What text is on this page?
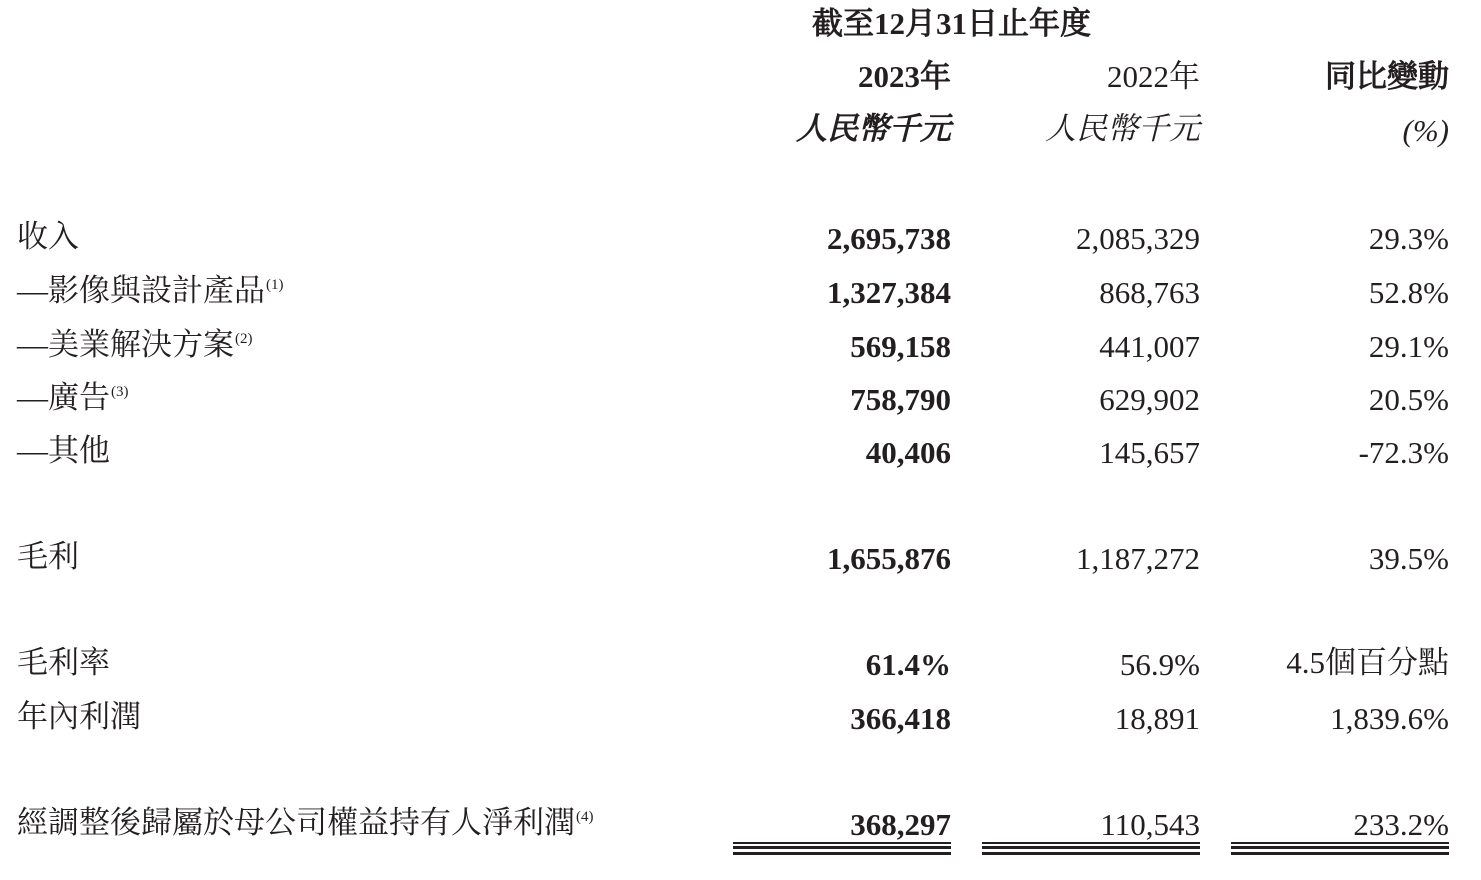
截至12月31日止年度
2023年	2022年	同比變動
人民幣千元	人民幣千元	(%)
收入	2,695,738	2,085,329	29.3%
—影像與設計產品$^{(1)}$	1,327,384	868,763	52.8%
—美業解決方案$^{(2)}$	569,158	441,007	29.1%
—廣告$^{(3)}$	758,790	629,902	20.5%
—其他	40,406	145,657	-72.3%
毛利	1,655,876	1,187,272	39.5%
毛利率	61.4%	56.9%	4.5個百分點
年內利潤	366,418	18,891	1,839.6%
經調整後歸屬於母公司權益持有人淨利潤$^{(4)}$	368,297	110,543	233.2%
